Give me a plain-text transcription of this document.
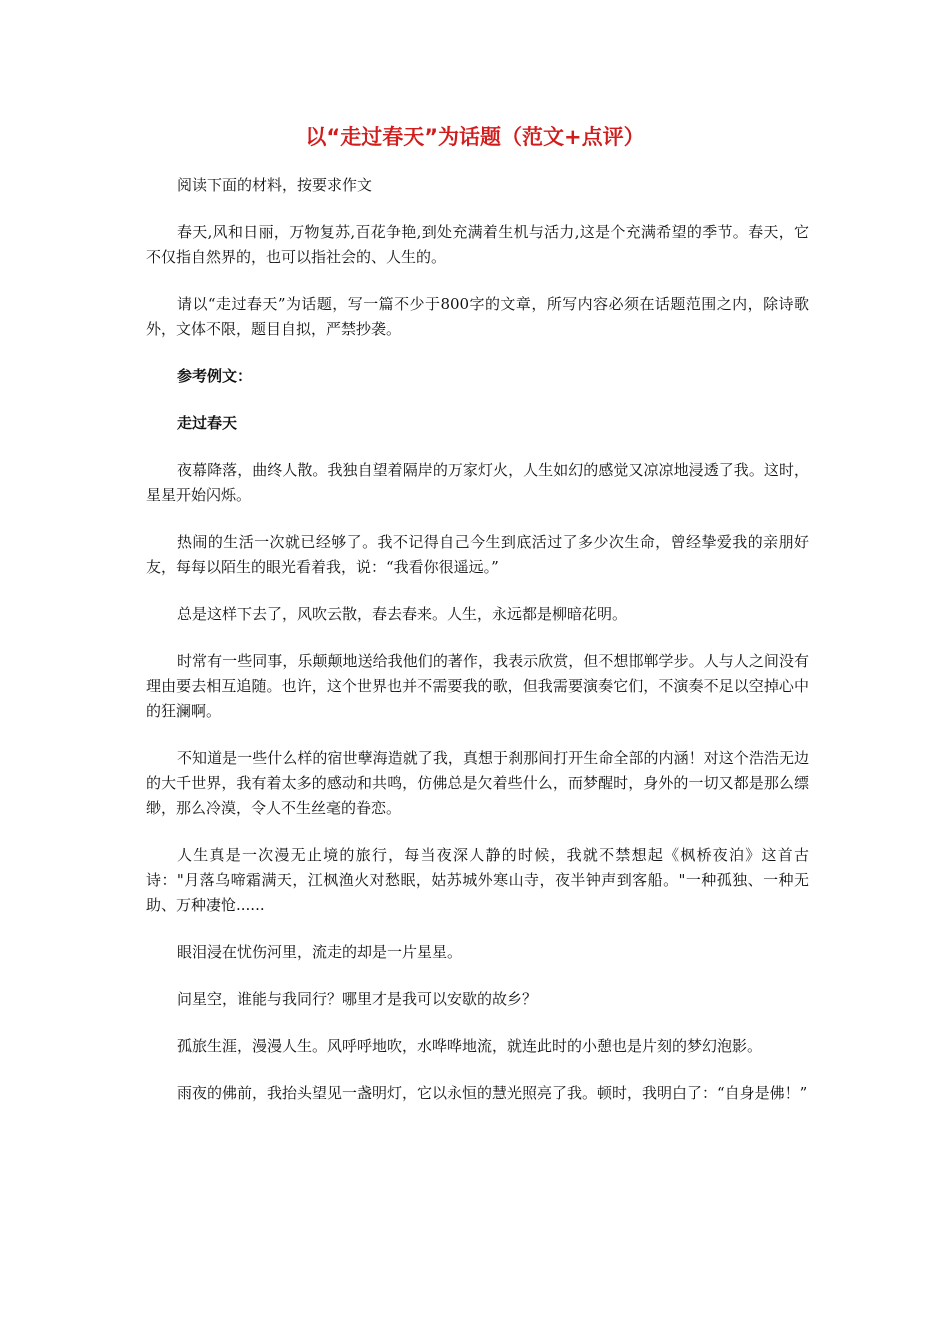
以“走过春天”为话题（范文+点评）

阅读下面的材料，按要求作文

春天,风和日丽，万物复苏,百花争艳,到处充满着生机与活力,这是个充满希望的季节。春天，它不仅指自然界的，也可以指社会的、人生的。

请以“走过春天”为话题，写一篇不少于800字的文章，所写内容必须在话题范围之内，除诗歌外，文体不限，题目自拟，严禁抄袭。

参考例文：

走过春天

夜幕降落，曲终人散。我独自望着隔岸的万家灯火，人生如幻的感觉又凉凉地浸透了我。这时，星星开始闪烁。

热闹的生活一次就已经够了。我不记得自己今生到底活过了多少次生命，曾经挚爱我的亲朋好友，每每以陌生的眼光看着我，说：“我看你很遥远。”

总是这样下去了，风吹云散，春去春来。人生，永远都是柳暗花明。

时常有一些同事，乐颠颠地送给我他们的著作，我表示欣赏，但不想邯郸学步。人与人之间没有理由要去相互追随。也许，这个世界也并不需要我的歌，但我需要演奏它们，不演奏不足以空掉心中的狂澜啊。

不知道是一些什么样的宿世孽海造就了我，真想于刹那间打开生命全部的内涵！对这个浩浩无边的大千世界，我有着太多的感动和共鸣，仿佛总是欠着些什么，而梦醒时，身外的一切又都是那么缥缈，那么冷漠，令人不生丝毫的眷恋。

人生真是一次漫无止境的旅行，每当夜深人静的时候，我就不禁想起《枫桥夜泊》这首古诗："月落乌啼霜满天，江枫渔火对愁眠，姑苏城外寒山寺，夜半钟声到客船。"一种孤独、一种无助、万种凄怆......

眼泪浸在忧伤河里，流走的却是一片星星。

问星空，谁能与我同行？哪里才是我可以安歇的故乡？

孤旅生涯，漫漫人生。风呼呼地吹，水哗哗地流，就连此时的小憩也是片刻的梦幻泡影。

雨夜的佛前，我抬头望见一盏明灯，它以永恒的慧光照亮了我。顿时，我明白了：“自身是佛！”
